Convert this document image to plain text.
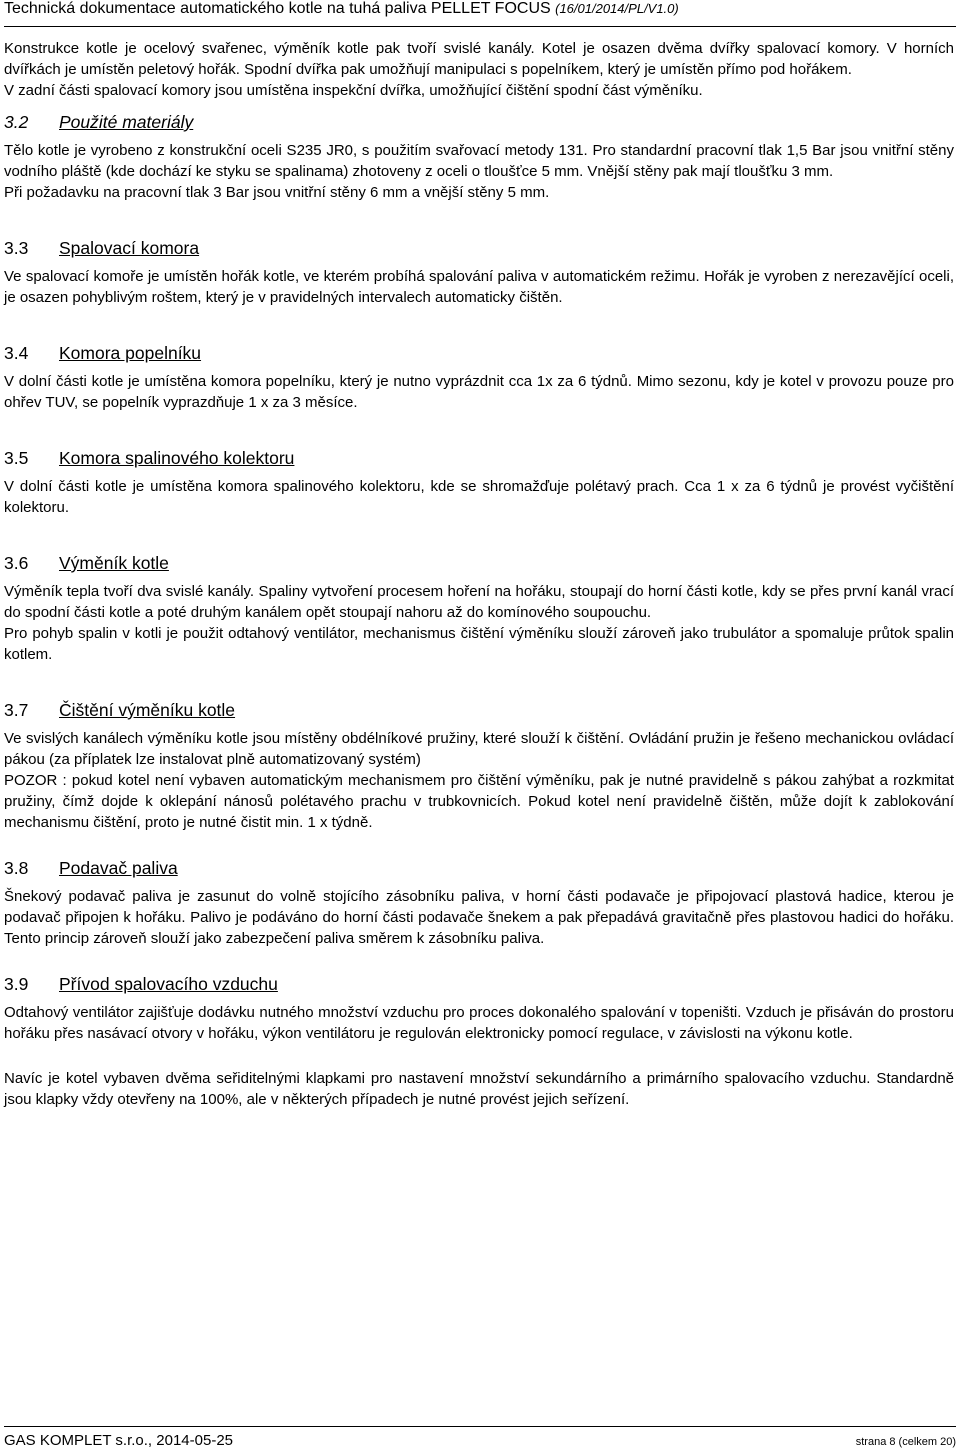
Technická dokumentace automatického kotle na tuhá paliva PELLET FOCUS (16/01/2014/PL/V1.0)

Konstrukce kotle je ocelový svařenec, výměník kotle pak tvoří svislé kanály. Kotel je osazen dvěma dvířky spalovací komory. V horních dvířkách je umístěn peletový hořák. Spodní dvířka pak umožňují manipulaci s popelníkem, který je umístěn přímo pod hořákem.

V zadní části spalovací komory jsou umístěna inspekční dvířka, umožňující čištění spodní část výměníku.

3.2 Použité materiály

Tělo kotle je vyrobeno z konstrukční oceli S235 JR0, s použitím svařovací metody 131. Pro standardní pracovní tlak 1,5 Bar jsou vnitřní stěny vodního pláště (kde dochází ke styku se spalinama) zhotoveny z oceli o tloušťce 5 mm. Vnější stěny pak mají tloušťku 3 mm.

Při požadavku na pracovní tlak 3 Bar jsou vnitřní stěny 6 mm a vnější stěny 5 mm.

3.3 Spalovací komora

Ve spalovací komoře je umístěn hořák kotle, ve kterém probíhá spalování paliva v automatickém režimu. Hořák je vyroben z nerezavějící oceli, je osazen pohyblivým roštem, který je v pravidelných intervalech automaticky čištěn.

3.4 Komora popelníku

V dolní části kotle je umístěna komora popelníku, který je nutno vyprázdnit cca 1x za 6 týdnů. Mimo sezonu, kdy je kotel v provozu pouze pro ohřev TUV, se popelník vyprazdňuje 1 x za 3 měsíce.

3.5 Komora spalinového kolektoru

V dolní části kotle je umístěna komora spalinového kolektoru, kde se shromažďuje polétavý prach. Cca 1 x za 6 týdnů je provést vyčištění kolektoru.

3.6 Výměník kotle

Výměník tepla tvoří dva svislé kanály. Spaliny vytvoření procesem hoření na hořáku, stoupají do horní části kotle, kdy se přes první kanál vrací do spodní části kotle a poté druhým kanálem opět stoupají nahoru až do komínového soupouchu.

Pro pohyb spalin v kotli je použit odtahový ventilátor, mechanismus čištění výměníku slouží zároveň jako trubulátor a spomaluje průtok spalin kotlem.

3.7 Čištění výměníku kotle

Ve svislých kanálech výměníku kotle jsou místěny obdélníkové pružiny, které slouží k čištění. Ovládání pružin je řešeno mechanickou ovládací pákou (za příplatek lze instalovat plně automatizovaný systém)

POZOR : pokud kotel není vybaven automatickým mechanismem pro čištění výměníku, pak je nutné pravidelně s pákou zahýbat a rozkmitat pružiny, čímž dojde k oklepání nánosů polétavého prachu v trubkovnicích. Pokud kotel není pravidelně čištěn, může dojít k zablokování mechanismu čištění, proto je nutné čistit min. 1 x týdně.

3.8 Podavač paliva

Šnekový podavač paliva je zasunut do volně stojícího zásobníku paliva, v horní části podavače je připojovací plastová hadice, kterou je podavač připojen k hořáku. Palivo je podáváno do horní části podavače šnekem a pak přepadává gravitačně přes plastovou hadici do hořáku. Tento princip zároveň slouží jako zabezpečení paliva směrem k zásobníku paliva.

3.9 Přívod spalovacího vzduchu

Odtahový ventilátor zajišťuje dodávku nutného množství vzduchu pro proces dokonalého spalování v topeništi. Vzduch je přisáván do prostoru hořáku přes nasávací otvory v hořáku, výkon ventilátoru je regulován elektronicky pomocí regulace, v závislosti na výkonu kotle.

Navíc je kotel vybaven dvěma seřiditelnými klapkami pro nastavení množství sekundárního a primárního spalovacího vzduchu. Standardně jsou klapky vždy otevřeny na 100%, ale v některých případech je nutné provést jejich seřízení.

GAS KOMPLET s.r.o., 2014-05-25	strana 8 (celkem 20)
